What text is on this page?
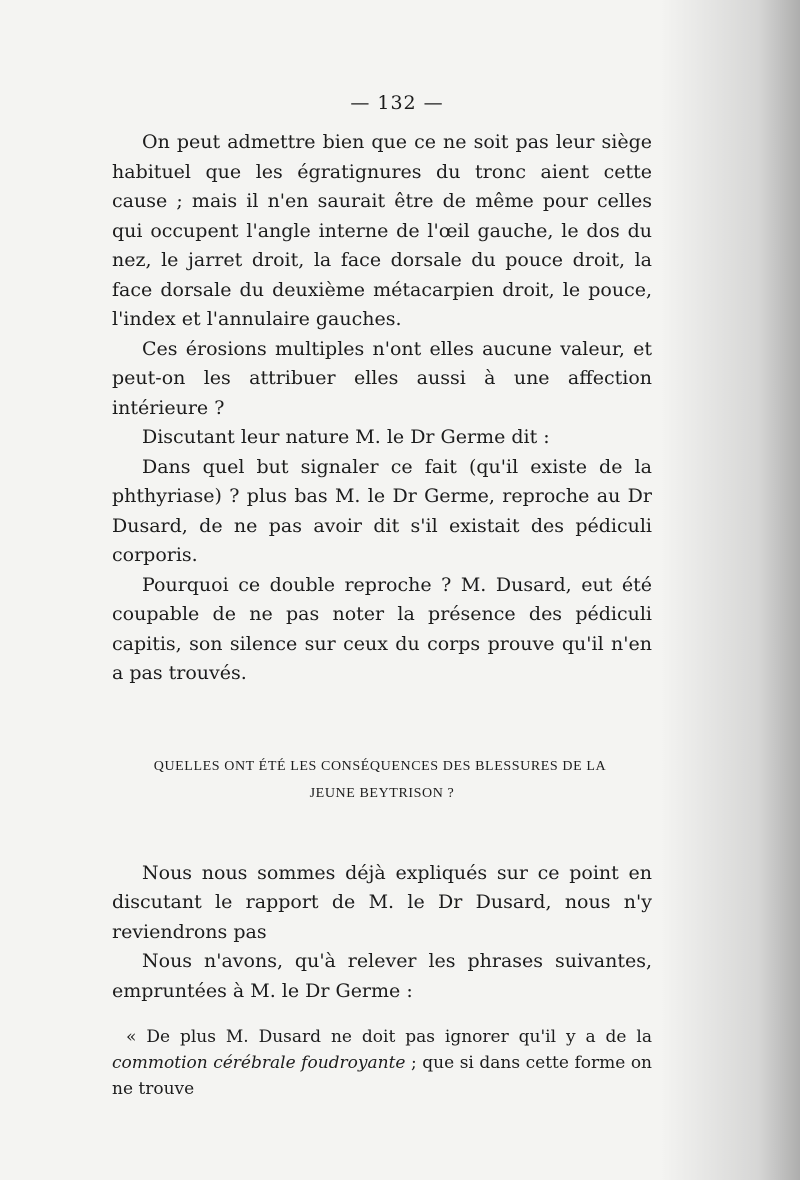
— 132 —

On peut admettre bien que ce ne soit pas leur siège habituel que les égratignures du tronc aient cette cause ; mais il n'en saurait être de même pour celles qui occupent l'angle interne de l'œil gauche, le dos du nez, le jarret droit, la face dorsale du pouce droit, la face dorsale du deuxième métacarpien droit, le pouce, l'index et l'annulaire gauches.

Ces érosions multiples n'ont elles aucune valeur, et peut-on les attribuer elles aussi à une affection intérieure ?

Discutant leur nature M. le Dr Germe dit :

Dans quel but signaler ce fait (qu'il existe de la phthyriase) ? plus bas M. le Dr Germe, reproche au Dr Dusard, de ne pas avoir dit s'il existait des pédiculi corporis.

Pourquoi ce double reproche ? M. Dusard, eut été coupable de ne pas noter la présence des pédiculi capitis, son silence sur ceux du corps prouve qu'il n'en a pas trouvés.

QUELLES ONT ÉTÉ LES CONSÉQUENCES DES BLESSURES DE LA
JEUNE BEYTRISON ?

Nous nous sommes déjà expliqués sur ce point en discutant le rapport de M. le Dr Dusard, nous n'y reviendrons pas

Nous n'avons, qu'à relever les phrases suivantes, empruntées à M. le Dr Germe :

« De plus M. Dusard ne doit pas ignorer qu'il y a de la commotion cérébrale foudroyante ; que si dans cette forme on ne trouve
